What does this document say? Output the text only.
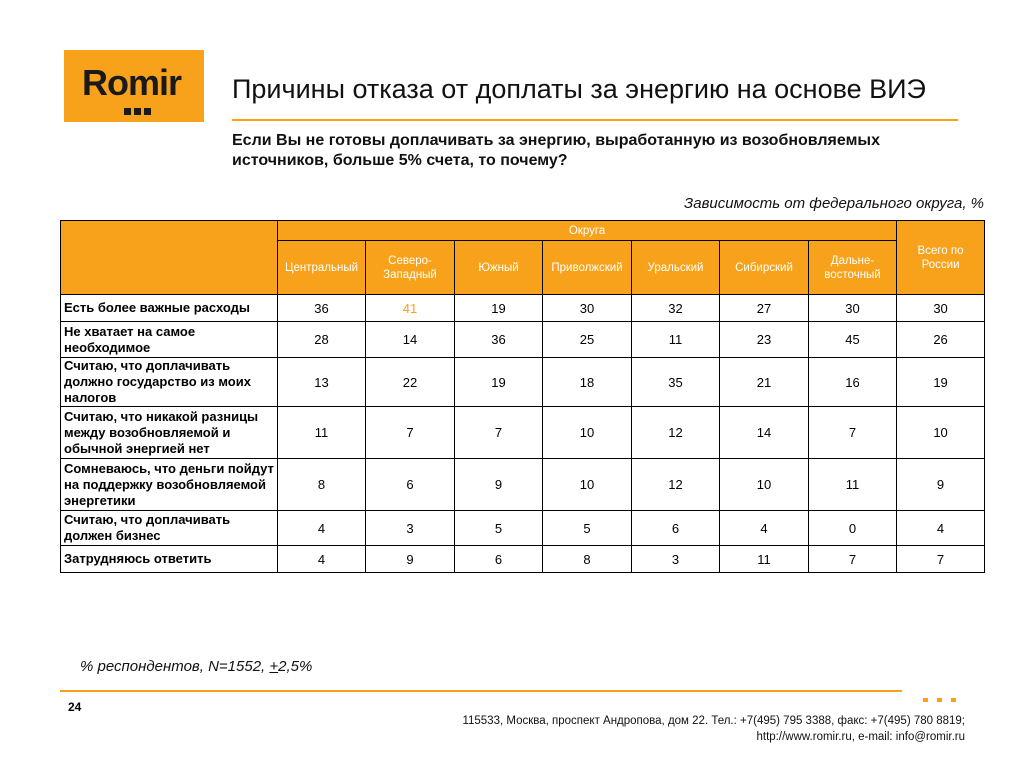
Romir Причины отказа от доплаты за энергию на основе ВИЭ
Если Вы не готовы доплачивать за энергию, выработанную из возобновляемых источников, больше 5% счета, то почему?
Зависимость от федерального округа, %
	Округа							Всего по России
	Центральный	Северо-Западный	Южный	Приволжский	Уральский	Сибирский	Дальне-восточный	
Есть более важные расходы	36	41	19	30	32	27	30	30
Не хватает на самое необходимое	28	14	36	25	11	23	45	26
Считаю, что доплачивать должно государство из моих налогов	13	22	19	18	35	21	16	19
Считаю, что никакой разницы между возобновляемой и обычной энергией нет	11	7	7	10	12	14	7	10
Сомневаюсь, что деньги пойдут на поддержку возобновляемой энергетики	8	6	9	10	12	10	11	9
Считаю, что доплачивать должен бизнес	4	3	5	5	6	4	0	4
Затрудняюсь ответить	4	9	6	8	3	11	7	7
% респондентов, N=1552, +2,5%
24
115533, Москва, проспект Андропова, дом 22. Тел.: +7(495) 795 3388, факс: +7(495) 780 8819;
http://www.romir.ru, e-mail: info@romir.ru
